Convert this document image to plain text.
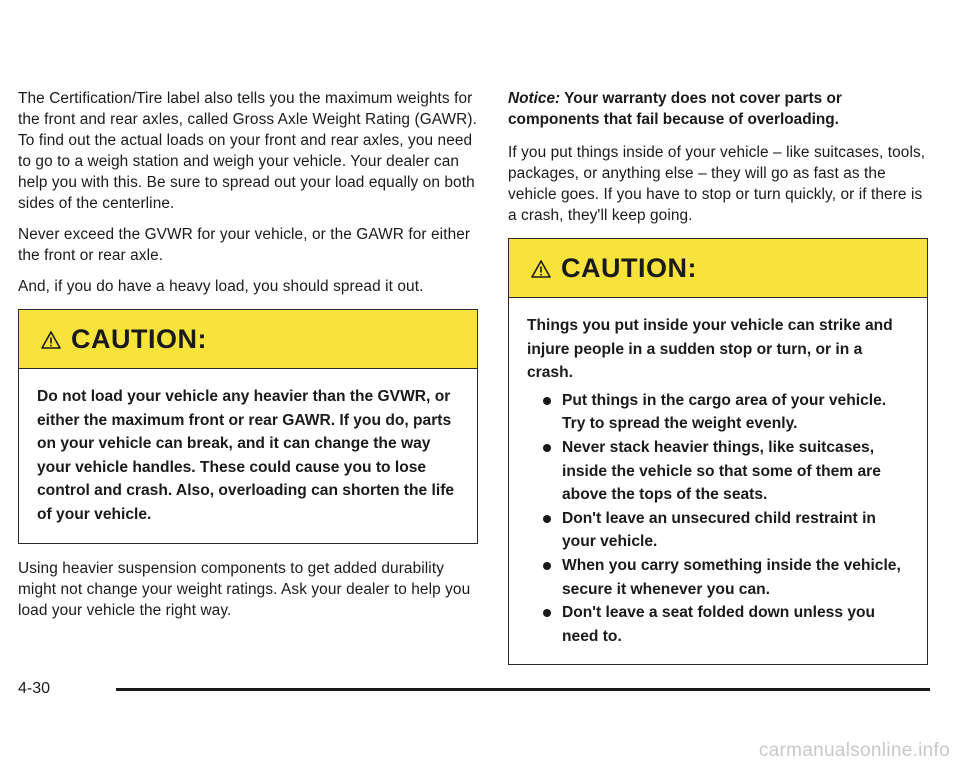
The Certification/Tire label also tells you the maximum weights for the front and rear axles, called Gross Axle Weight Rating (GAWR). To find out the actual loads on your front and rear axles, you need to go to a weigh station and weigh your vehicle. Your dealer can help you with this. Be sure to spread out your load equally on both sides of the centerline.

Never exceed the GVWR for your vehicle, or the GAWR for either the front or rear axle.

And, if you do have a heavy load, you should spread it out.

CAUTION:

Do not load your vehicle any heavier than the GVWR, or either the maximum front or rear GAWR. If you do, parts on your vehicle can break, and it can change the way your vehicle handles. These could cause you to lose control and crash. Also, overloading can shorten the life of your vehicle.

Using heavier suspension components to get added durability might not change your weight ratings. Ask your dealer to help you load your vehicle the right way.

Notice: Your warranty does not cover parts or components that fail because of overloading.

If you put things inside of your vehicle – like suitcases, tools, packages, or anything else – they will go as fast as the vehicle goes. If you have to stop or turn quickly, or if there is a crash, they'll keep going.

CAUTION:

Things you put inside your vehicle can strike and injure people in a sudden stop or turn, or in a crash.

Put things in the cargo area of your vehicle. Try to spread the weight evenly.
Never stack heavier things, like suitcases, inside the vehicle so that some of them are above the tops of the seats.
Don't leave an unsecured child restraint in your vehicle.
When you carry something inside the vehicle, secure it whenever you can.
Don't leave a seat folded down unless you need to.
4-30
carmanualsonline.info
